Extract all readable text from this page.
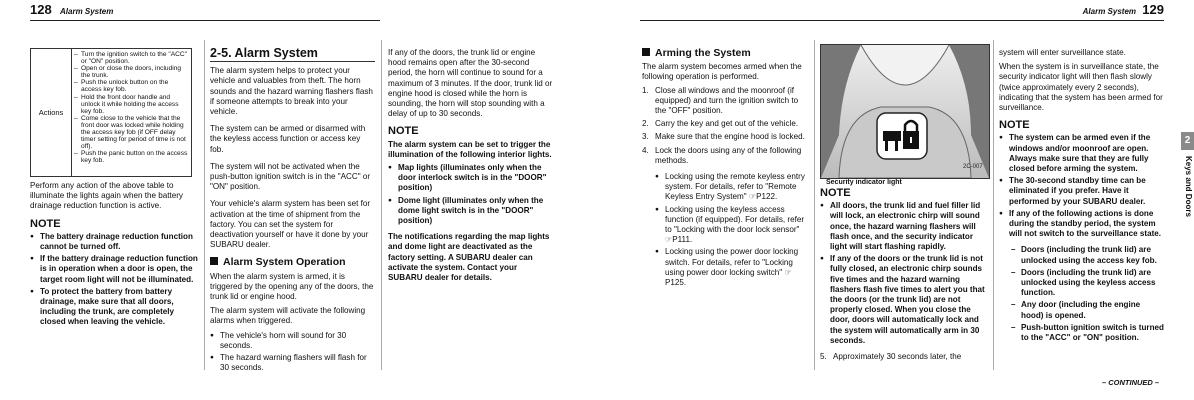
128 Alarm System
Actions
– Turn the ignition switch to the "ACC" or "ON" position.
– Open or close the doors, including the trunk.
– Push the unlock button on the access key fob.
– Hold the front door handle and unlock it while holding the access key fob.
– Come close to the vehicle that the front door was locked while holding the access key fob (if OFF delay timer setting for period of time is not off).
– Push the panic button on the access key fob.

Perform any action of the above table to illuminate the lights again when the battery drainage reduction function is active.

NOTE
● The battery drainage reduction function cannot be turned off.
● If the battery drainage reduction function is in operation when a door is open, the target room light will not be illuminated.
● To protect the battery from battery drainage, make sure that all doors, including the trunk, are completely closed when leaving the vehicle.
2-5. Alarm System

The alarm system helps to protect your vehicle and valuables from theft. The horn sounds and the hazard warning flashers flash if someone attempts to break into your vehicle.

The system can be armed or disarmed with the keyless access function or access key fob.

The system will not be activated when the push-button ignition switch is in the "ACC" or "ON" position.

Your vehicle's alarm system has been set for activation at the time of shipment from the factory. You can set the system for deactivation yourself or have it done by your SUBARU dealer.

Alarm System Operation

When the alarm system is armed, it is triggered by the opening any of the doors, the trunk lid or engine hood.

The alarm system will activate the following alarms when triggered.

● The vehicle's horn will sound for 30 seconds.
● The hazard warning flashers will flash for 30 seconds.

If any of the doors, the trunk lid or engine hood remains open after the 30-second period, the horn will continue to sound for a maximum of 3 minutes. If the door, trunk lid or engine hood is closed while the horn is sounding, the horn will stop sounding with a delay of up to 30 seconds.

NOTE

The alarm system can be set to trigger the illumination of the following interior lights.

● Map lights (illuminates only when the door interlock switch is in the "DOOR" position)
● Dome light (illuminates only when the dome light switch is in the "DOOR" position)

The notifications regarding the map lights and dome light are deactivated as the factory setting. A SUBARU dealer can activate the system. Contact your SUBARU dealer for details.

Alarm System 129
Arming the System

The alarm system becomes armed when the following operation is performed.

1. Close all windows and the moonroof (if equipped) and turn the ignition switch to the "OFF" position.
2. Carry the key and get out of the vehicle.
3. Make sure that the engine hood is locked.
4. Lock the doors using any of the following methods.
● Locking using the remote keyless entry system. For details, refer to "Remote Keyless Entry System" ☞P122.
● Locking using the keyless access function (if equipped). For details, refer to "Locking with the door lock sensor" ☞P111.
● Locking using the power door locking switch. For details, refer to "Locking using power door locking switch" ☞P125.
2C-007
Security indicator light
NOTE
● All doors, the trunk lid and fuel filler lid will lock, an electronic chirp will sound once, the hazard warning flashers will flash once, and the security indicator light will start flashing rapidly.
● If any of the doors or the trunk lid is not fully closed, an electronic chirp sounds five times and the hazard warning flashers flash five times to alert you that the doors (or the trunk lid) are not properly closed. When you close the door, doors will automatically lock and the system will automatically arm in 30 seconds.
5. Approximately 30 seconds later, the

system will enter surveillance state.

When the system is in surveillance state, the security indicator light will then flash slowly (twice approximately every 2 seconds), indicating that the system has been armed for surveillance.

NOTE
● The system can be armed even if the windows and/or moonroof are open. Always make sure that they are fully closed before arming the system.
● The 30-second standby time can be eliminated if you prefer. Have it performed by your SUBARU dealer.
● If any of the following actions is done during the standby period, the system will not switch to the surveillance state.
– Doors (including the trunk lid) are unlocked using the access key fob.
– Doors (including the trunk lid) are unlocked using the keyless access function.
– Any door (including the engine hood) is opened.
– Push-button ignition switch is turned to the "ACC" or "ON" position.
2
Keys and Doors
– CONTINUED –
